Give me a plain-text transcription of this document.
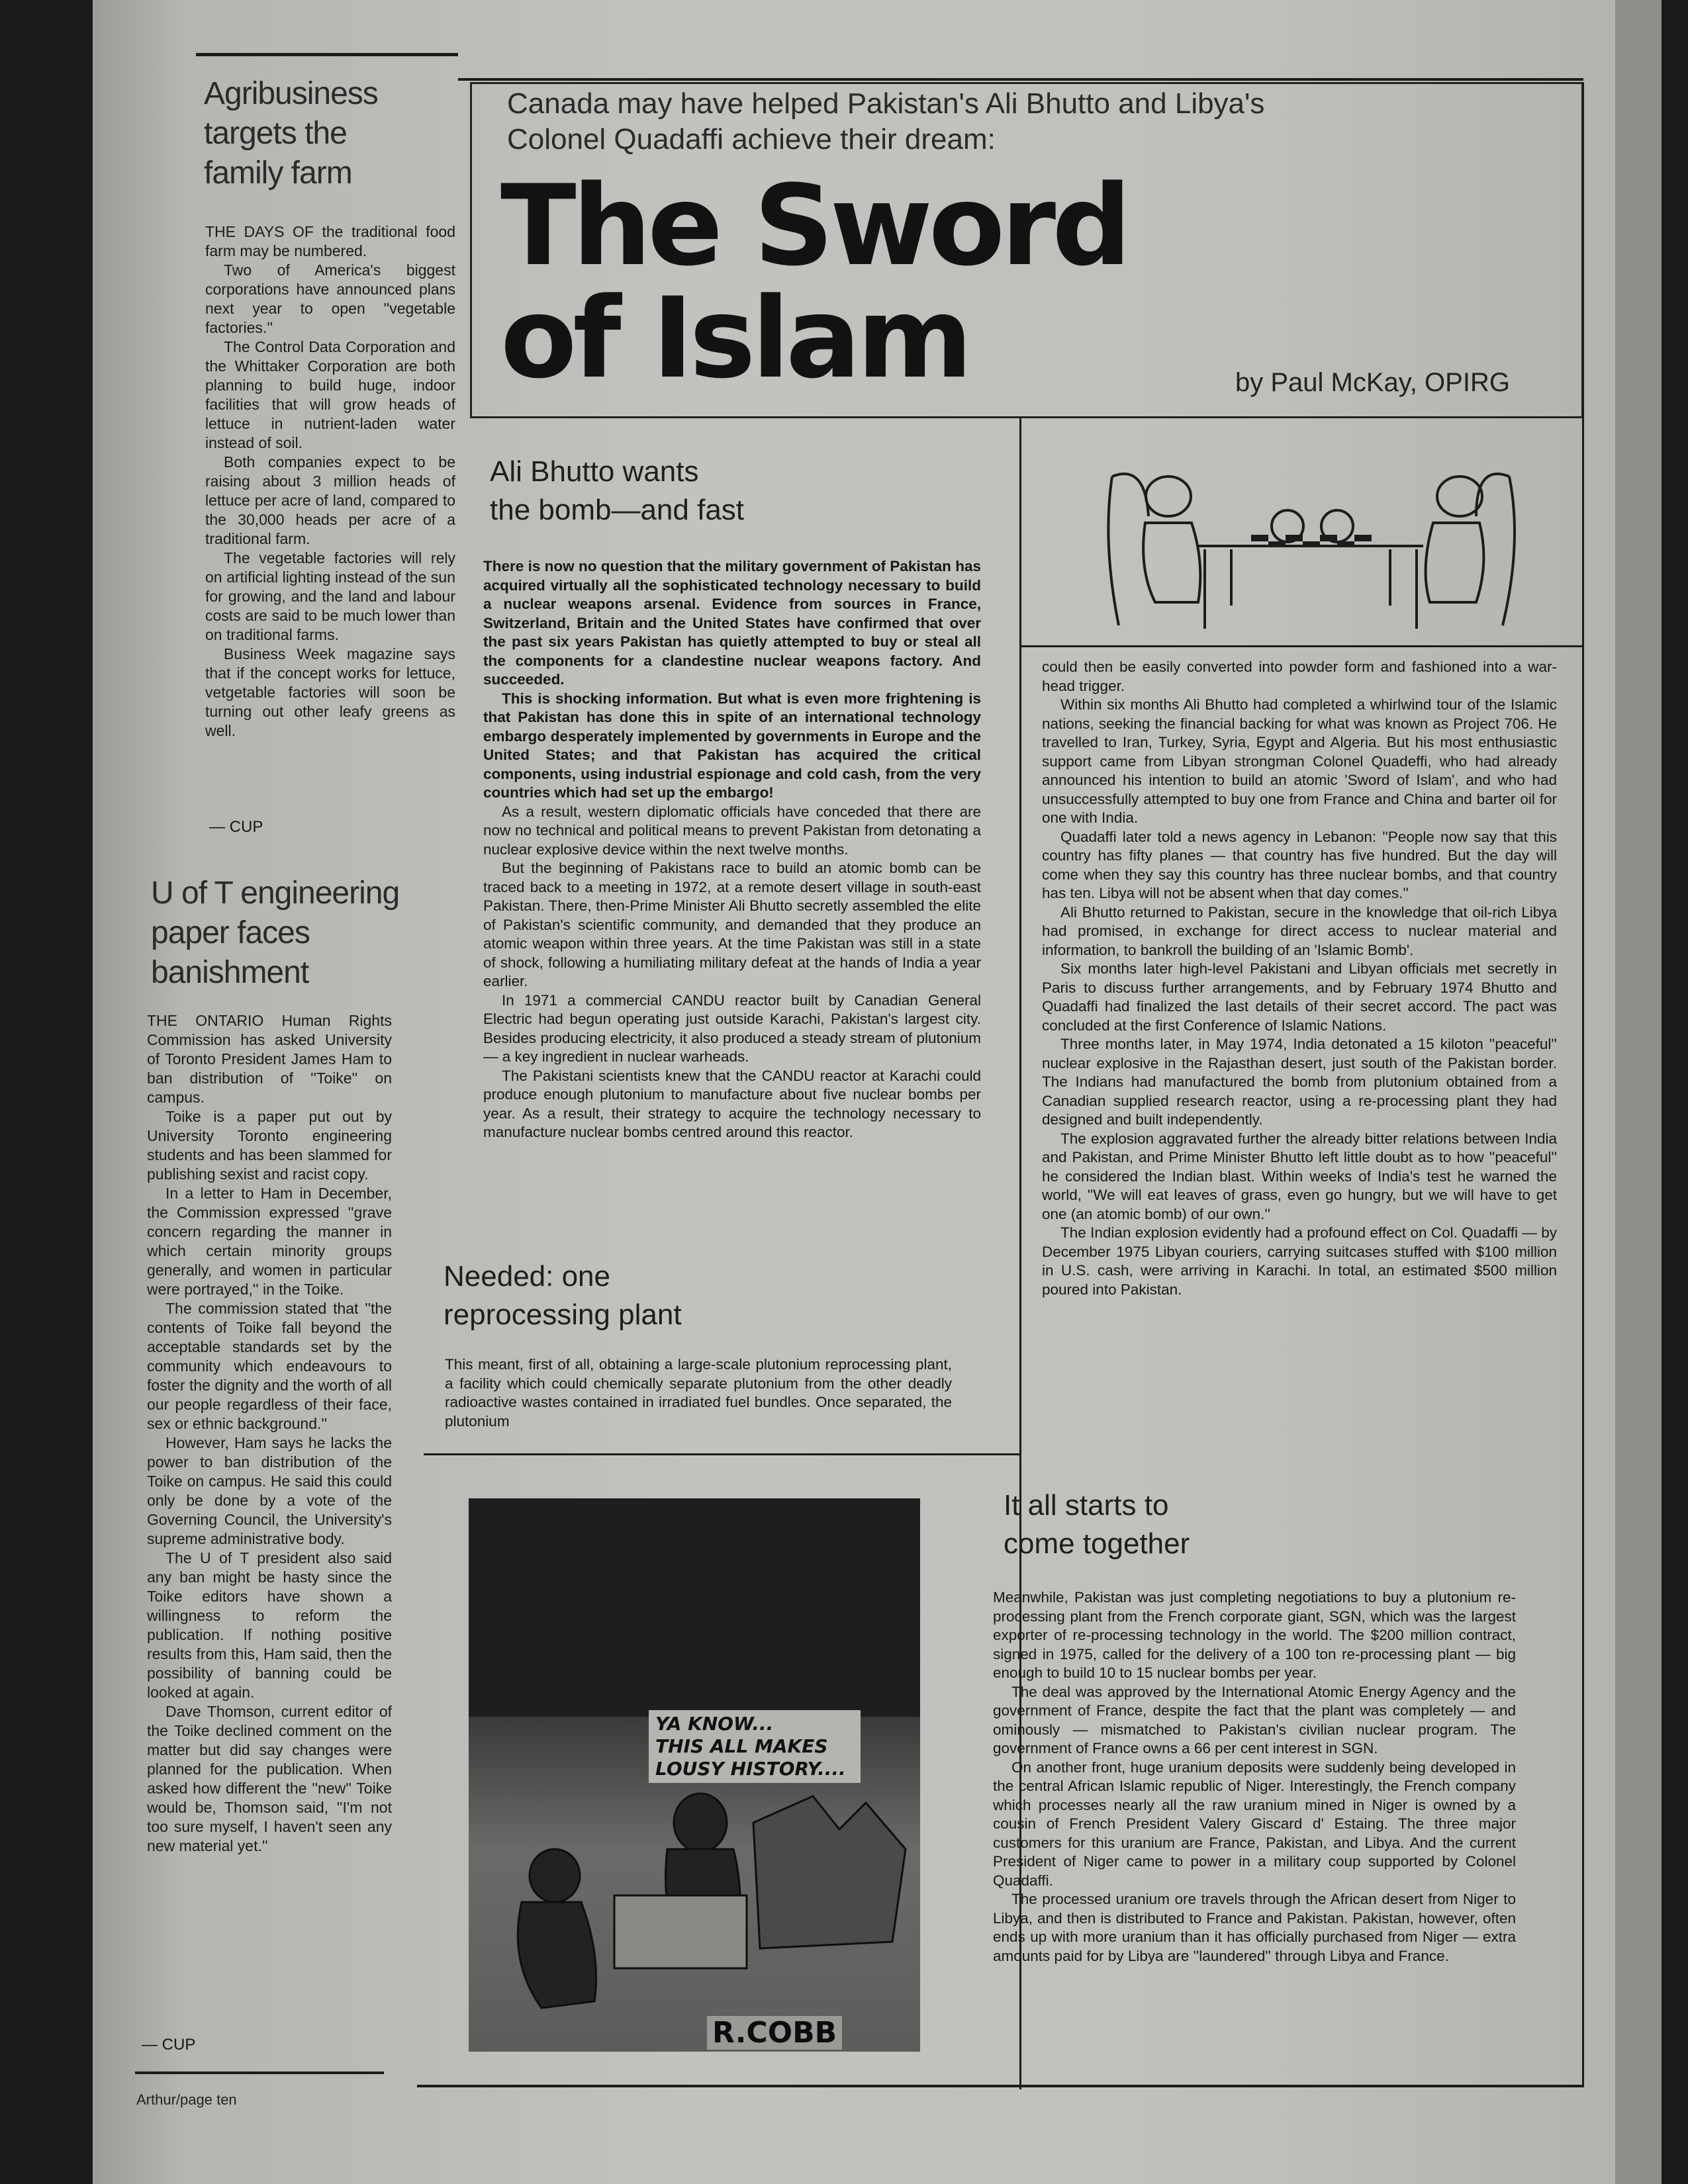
Agribusiness
targets the
family farm

THE DAYS OF the traditional food farm may be numbered.

Two of America's biggest corporations have announced plans next year to open ''vegetable factories.''

The Control Data Corporation and the Whittaker Corporation are both planning to build huge, indoor facilities that will grow heads of lettuce in nutrient-laden water instead of soil.

Both companies expect to be raising about 3 million heads of lettuce per acre of land, compared to the 30,000 heads per acre of a traditional farm.

The vegetable factories will rely on artificial lighting instead of the sun for growing, and the land and labour costs are said to be much lower than on traditional farms.

Business Week magazine says that if the concept works for lettuce, vetgetable factories will soon be turning out other leafy greens as well.

— CUP
U of T engineering
paper faces
banishment

THE ONTARIO Human Rights Commission has asked University of Toronto President James Ham to ban distribution of ''Toike'' on campus.

Toike is a paper put out by University Toronto engineering students and has been slammed for publishing sexist and racist copy.

In a letter to Ham in December, the Commission expressed ''grave concern regarding the manner in which certain minority groups generally, and women in particular were portrayed,'' in the Toike.

The commission stated that ''the contents of Toike fall beyond the acceptable standards set by the community which endeavours to foster the dignity and the worth of all our people regardless of their face, sex or ethnic background.''

However, Ham says he lacks the power to ban distribution of the Toike on campus. He said this could only be done by a vote of the Governing Council, the University's supreme administrative body.

The U of T president also said any ban might be hasty since the Toike editors have shown a willingness to reform the publication. If nothing positive results from this, Ham said, then the possibility of banning could be looked at again.

Dave Thomson, current editor of the Toike declined comment on the matter but did say changes were planned for the publication. When asked how different the ''new'' Toike would be, Thomson said, ''I'm not too sure myself, I haven't seen any new material yet.''

— CUP
Canada may have helped Pakistan's Ali Bhutto and Libya's
Colonel Quadaffi achieve their dream:
The Sword
of Islam	by Paul McKay, OPIRG
Ali Bhutto wants
the bomb—and fast

There is now no question that the military government of Pakistan has acquired virtually all the sophisticated technology necessary to build a nuclear weapons arsenal. Evidence from sources in France, Switzerland, Britain and the United States have confirmed that over the past six years Pakistan has quietly attempted to buy or steal all the components for a clandestine nuclear weapons factory. And succeeded.

This is shocking information. But what is even more frightening is that Pakistan has done this in spite of an international technology embargo desperately implemented by governments in Europe and the United States; and that Pakistan has acquired the critical components, using industrial espionage and cold cash, from the very countries which had set up the embargo!

As a result, western diplomatic officials have conceded that there are now no technical and political means to prevent Pakistan from detonating a nuclear explosive device within the next twelve months.

But the beginning of Pakistans race to build an atomic bomb can be traced back to a meeting in 1972, at a remote desert village in south-east Pakistan. There, then-Prime Minister Ali Bhutto secretly assembled the elite of Pakistan's scientific community, and demanded that they produce an atomic weapon within three years. At the time Pakistan was still in a state of shock, following a humiliating military defeat at the hands of India a year earlier.

In 1971 a commercial CANDU reactor built by Canadian General Electric had begun operating just outside Karachi, Pakistan's largest city. Besides producing electricity, it also produced a steady stream of plutonium — a key ingredient in nuclear warheads.

The Pakistani scientists knew that the CANDU reactor at Karachi could produce enough plutonium to manufacture about five nuclear bombs per year. As a result, their strategy to acquire the technology necessary to manufacture nuclear bombs centred around this reactor.

Needed: one
reprocessing plant

This meant, first of all, obtaining a large-scale plutonium reprocessing plant, a facility which could chemically separate plutonium from the other deadly radioactive wastes contained in irradiated fuel bundles. Once separated, the plutonium

could then be easily converted into powder form and fashioned into a war-head trigger.

Within six months Ali Bhutto had completed a whirlwind tour of the Islamic nations, seeking the financial backing for what was known as Project 706. He travelled to Iran, Turkey, Syria, Egypt and Algeria. But his most enthusiastic support came from Libyan strongman Colonel Quadeffi, who had already announced his intention to build an atomic 'Sword of Islam', and who had unsuccessfully attempted to buy one from France and China and barter oil for one with India.

Quadaffi later told a news agency in Lebanon: ''People now say that this country has fifty planes — that country has five hundred. But the day will come when they say this country has three nuclear bombs, and that country has ten. Libya will not be absent when that day comes.''

Ali Bhutto returned to Pakistan, secure in the knowledge that oil-rich Libya had promised, in exchange for direct access to nuclear material and information, to bankroll the building of an 'Islamic Bomb'.

Six months later high-level Pakistani and Libyan officials met secretly in Paris to discuss further arrangements, and by February 1974 Bhutto and Quadaffi had finalized the last details of their secret accord. The pact was concluded at the first Conference of Islamic Nations.

Three months later, in May 1974, India detonated a 15 kiloton ''peaceful'' nuclear explosive in the Rajasthan desert, just south of the Pakistan border. The Indians had manufactured the bomb from plutonium obtained from a Canadian supplied research reactor, using a re-processing plant they had designed and built independently.

The explosion aggravated further the already bitter relations between India and Pakistan, and Prime Minister Bhutto left little doubt as to how ''peaceful'' he considered the Indian blast. Within weeks of India's test he warned the world, ''We will eat leaves of grass, even go hungry, but we will have to get one (an atomic bomb) of our own.''

The Indian explosion evidently had a profound effect on Col. Quadaffi — by December 1975 Libyan couriers, carrying suitcases stuffed with $100 million in U.S. cash, were arriving in Karachi. In total, an estimated $500 million poured into Pakistan.

It all starts to
come together

Meanwhile, Pakistan was just completing negotiations to buy a plutonium re-processing plant from the French corporate giant, SGN, which was the largest exporter of re-processing technology in the world. The $200 million contract, signed in 1975, called for the delivery of a 100 ton re-processing plant — big enough to build 10 to 15 nuclear bombs per year.

The deal was approved by the International Atomic Energy Agency and the government of France, despite the fact that the plant was completely — and ominously — mismatched to Pakistan's civilian nuclear program. The government of France owns a 66 per cent interest in SGN.

On another front, huge uranium deposits were suddenly being developed in the central African Islamic republic of Niger. Interestingly, the French company which processes nearly all the raw uranium mined in Niger is owned by a cousin of French President Valery Giscard d' Estaing. The three major customers for this uranium are France, Pakistan, and Libya. And the current President of Niger came to power in a military coup supported by Colonel Quadaffi.

The processed uranium ore travels through the African desert from Niger to Libya, and then is distributed to France and Pakistan. Pakistan, however, often ends up with more uranium than it has officially purchased from Niger — extra amounts paid for by Libya are ''laundered'' through Libya and France.

YA KNOW...
THIS ALL MAKES
LOUSY HISTORY....
R.COBB
Arthur/page ten
